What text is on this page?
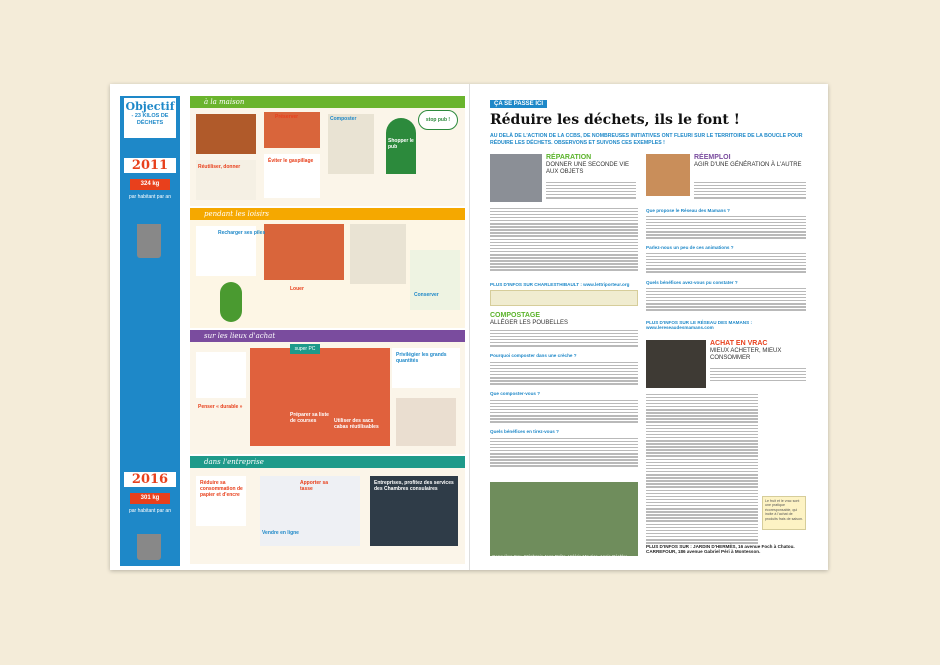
Objectif
- 23 KILOS DE DÉCHETS
2011
324 kg
par habitant par an
2016
301 kg
par habitant par an
à la maison
stop pub !
Préserver	Composter
Shopper le pub
Réutiliser, donner
Éviter le gaspillage
pendant les loisirs
Recharger ses piles
Louer
Conserver
sur les lieux d'achat
super PC
Penser « durable »
Préparer sa liste de courses	Utiliser des sacs cabas réutilisables
Privilégier les grands quantités
dans l'entreprise
Réduire sa consommation de papier et d'encre
Apporter sa tasse
Vendre en ligne
Entreprises, profitez des services des Chambres consulaires
ÇA SE PASSE ICI
Réduire les déchets, ils le font !
AU DELÀ DE L'ACTION DE LA CCBS, DE NOMBREUSES INITIATIVES ONT FLEURI SUR LE TERRITOIRE DE LA BOUCLE POUR RÉDUIRE LES DÉCHETS. OBSERVONS ET SUIVONS CES EXEMPLES !
RÉPARATION
DONNER UNE SECONDE VIE AUX OBJETS
PLUS D'INFOS SUR CHARLESTHIBAULT : www.lettriporteur.org
COMPOSTAGE
ALLÉGER LES POUBELLES
Pourquoi composter dans une crèche ?
Que composter-vous ?
Quels bénéfices en tirez-vous ?
Geneviève Cox, Stéphanie Jean Ralite, Valérie Maurice, Angie Réchler
RÉEMPLOI
AGIR D'UNE GÉNÉRATION À L'AUTRE
Que propose le Réseau des Mamans ?
Parlez-nous un peu de ces animations ?
Quels bénéfices avez-vous pu constater ?
PLUS D'INFOS SUR LE RÉSEAU DES MAMANS : www.lereseaudesmamans.com
ACHAT EN VRAC
MIEUX ACHETER, MIEUX CONSOMMER
Le fruit et le vrac sont une pratique écoresponsable, qui incite à l'achat de produits frais de saison.
PLUS D'INFOS SUR : JARDIN D'HERMÈS, 16 avenue Foch à Chatou. CARREFOUR, 186 avenue Gabriel Péri à Montesson.
